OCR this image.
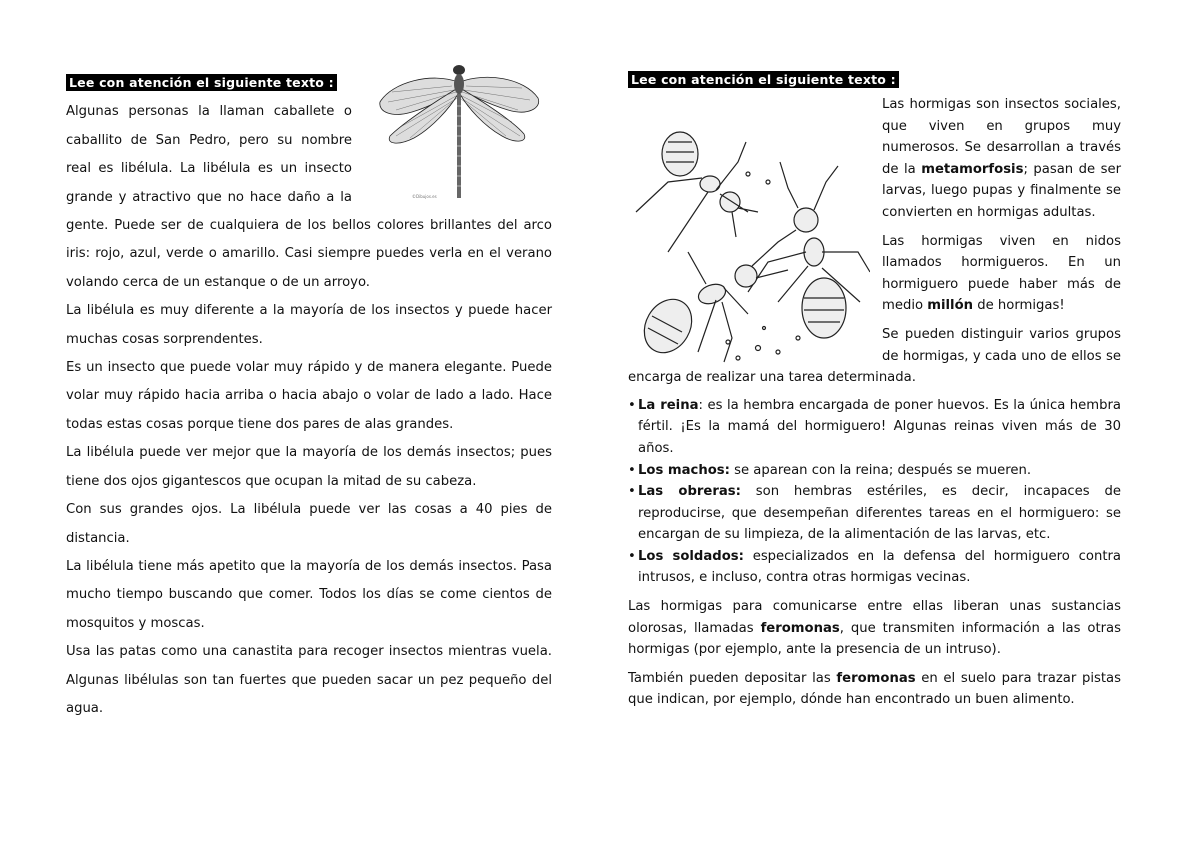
Lee con atención el siguiente texto :
©Dibujos.es

Algunas personas la llaman caballete o caballito de San Pedro, pero su nombre real es libélula. La libélula es un insecto grande y atractivo que no hace daño a la gente. Puede ser de cualquiera de los bellos colores brillantes del arco iris: rojo, azul, verde o amarillo. Casi siempre puedes verla en el verano volando cerca de un estanque o de un arroyo.

La libélula es muy diferente a la mayoría de los insectos y puede hacer muchas cosas sorprendentes.

Es un insecto que puede volar muy rápido y de manera elegante. Puede volar muy rápido hacia arriba o hacia abajo o volar de lado a lado. Hace todas estas cosas porque tiene dos pares de alas grandes.

La libélula puede ver mejor que la mayoría de los demás insectos; pues tiene dos ojos gigantescos que ocupan la mitad de su cabeza.

Con sus grandes ojos. La libélula puede ver las cosas a 40 pies de distancia.

La libélula tiene más apetito que la mayoría de los demás insectos. Pasa mucho tiempo buscando que comer. Todos los días se come cientos de mosquitos y moscas.

Usa las patas como una canastita para recoger insectos mientras vuela. Algunas libélulas son tan fuertes que pueden sacar un pez pequeño del agua.

Lee con atención el siguiente texto :

Las hormigas son insectos sociales, que viven en grupos muy numerosos. Se desarrollan a través de la metamorfosis; pasan de ser larvas, luego pupas y finalmente se convierten en hormigas adultas.

Las hormigas viven en nidos llamados hormigueros. En un hormiguero puede haber más de medio millón de hormigas!

Se pueden distinguir varios grupos de hormigas, y cada uno de ellos se encarga de realizar una tarea determinada.

• La reina: es la hembra encargada de poner huevos. Es la única hembra fértil. ¡Es la mamá del hormiguero! Algunas reinas viven más de 30 años.

• Los machos: se aparean con la reina; después se mueren.

• Las obreras: son hembras estériles, es decir, incapaces de reproducirse, que desempeñan diferentes tareas en el hormiguero: se encargan de su limpieza, de la alimentación de las larvas, etc.

• Los soldados: especializados en la defensa del hormiguero contra intrusos, e incluso, contra otras hormigas vecinas.

Las hormigas para comunicarse entre ellas liberan unas sustancias olorosas, llamadas feromonas, que transmiten información a las otras hormigas (por ejemplo, ante la presencia de un intruso).

También pueden depositar las feromonas en el suelo para trazar pistas que indican, por ejemplo, dónde han encontrado un buen alimento.
